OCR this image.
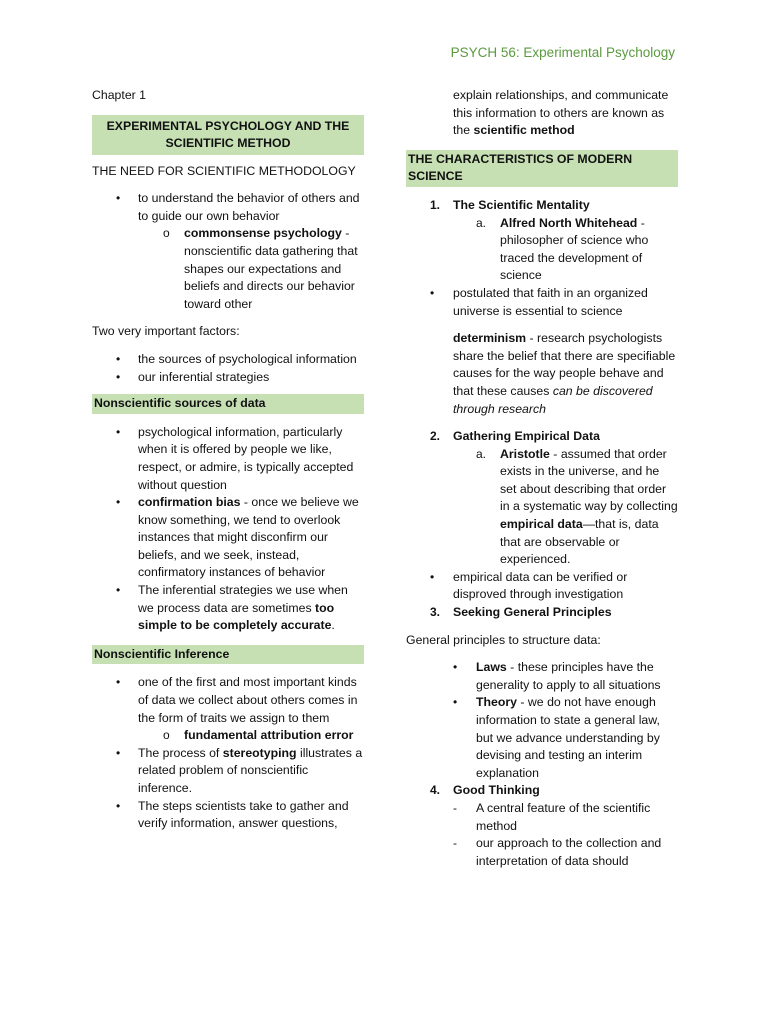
PSYCH 56: Experimental Psychology

Chapter 1

EXPERIMENTAL PSYCHOLOGY AND THE SCIENTIFIC METHOD

THE NEED FOR SCIENTIFIC METHODOLOGY

• to understand the behavior of others and to guide our own behavior
o commonsense psychology - nonscientific data gathering that shapes our expectations and beliefs and directs our behavior toward other

Two very important factors:

• the sources of psychological information
• our inferential strategies

Nonscientific sources of data

• psychological information, particularly when it is offered by people we like, respect, or admire, is typically accepted without question
• confirmation bias - once we believe we know something, we tend to overlook instances that might disconfirm our beliefs, and we seek, instead, confirmatory instances of behavior
• The inferential strategies we use when we process data are sometimes too simple to be completely accurate.

Nonscientific Inference

• one of the first and most important kinds of data we collect about others comes in the form of traits we assign to them
o fundamental attribution error
• The process of stereotyping illustrates a related problem of nonscientific inference.
• The steps scientists take to gather and verify information, answer questions,
explain relationships, and communicate this information to others are known as the scientific method

THE CHARACTERISTICS OF MODERN SCIENCE

1. The Scientific Mentality
a. Alfred North Whitehead - philosopher of science who traced the development of science
• postulated that faith in an organized universe is essential to science
determinism - research psychologists share the belief that there are specifiable causes for the way people behave and that these causes can be discovered through research
2. Gathering Empirical Data
a. Aristotle - assumed that order exists in the universe, and he set about describing that order in a systematic way by collecting empirical data—that is, data that are observable or experienced.
• empirical data can be verified or disproved through investigation
3. Seeking General Principles

General principles to structure data:

• Laws - these principles have the generality to apply to all situations
• Theory - we do not have enough information to state a general law, but we advance understanding by devising and testing an interim explanation
4. Good Thinking
- A central feature of the scientific method
- our approach to the collection and interpretation of data should
